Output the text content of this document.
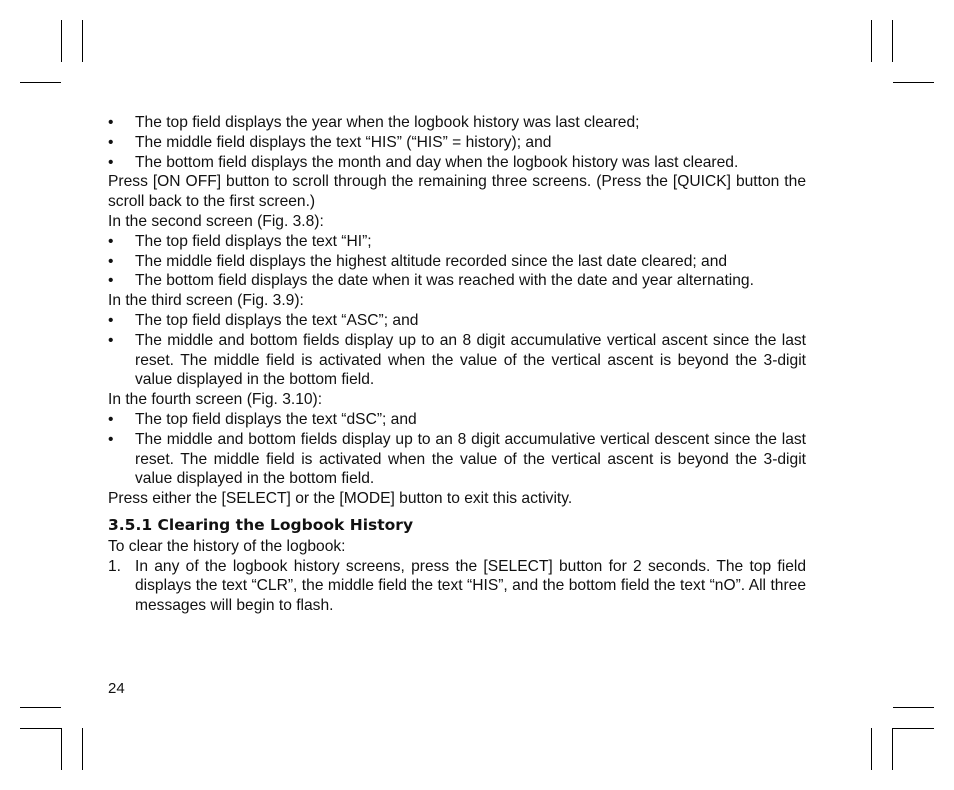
• The top field displays the year when the logbook history was last cleared;
• The middle field displays the text “HIS” (“HIS” = history); and
• The bottom field displays the month and day when the logbook history was last cleared.

Press [ON OFF] button to scroll through the remaining three screens. (Press the [QUICK] button the scroll back to the first screen.)

In the second screen (Fig. 3.8):

• The top field displays the text “HI”;
• The middle field displays the highest altitude recorded since the last date cleared; and
• The bottom field displays the date when it was reached with the date and year alternating.

In the third screen (Fig. 3.9):

• The top field displays the text “ASC”; and
• The middle and bottom fields display up to an 8 digit accumulative vertical ascent since the last reset. The middle field is activated when the value of the vertical ascent is beyond the 3-digit value displayed in the bottom field.

In the fourth screen (Fig. 3.10):

• The top field displays the text “dSC”; and
• The middle and bottom fields display up to an 8 digit accumulative vertical descent since the last reset. The middle field is activated when the value of the vertical ascent is beyond the 3-digit value displayed in the bottom field.

Press either the [SELECT] or the [MODE] button to exit this activity.

3.5.1 Clearing the Logbook History

To clear the history of the logbook:

1. In any of the logbook history screens, press the [SELECT] button for 2 seconds. The top field displays the text “CLR”, the middle field the text “HIS”, and the bottom field the text “nO”. All three messages will begin to flash.
24
